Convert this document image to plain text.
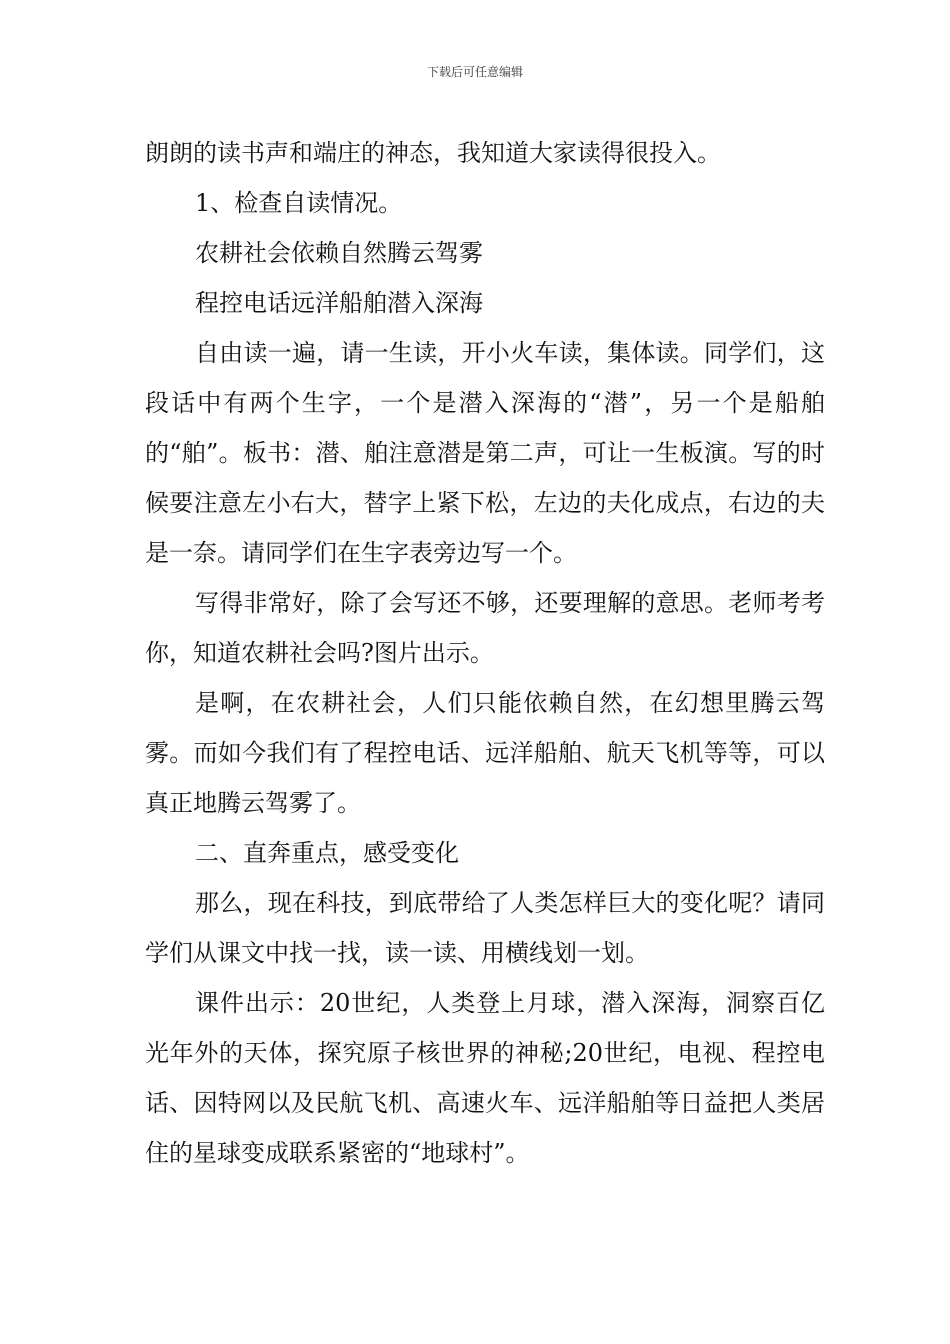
下载后可任意编辑

朗朗的读书声和端庄的神态，我知道大家读得很投入。

1、检查自读情况。

农耕社会依赖自然腾云驾雾

程控电话远洋船舶潜入深海

自由读一遍，请一生读，开小火车读，集体读。同学们，这段话中有两个生字，一个是潜入深海的“潜”，另一个是船舶的“舶”。板书：潜、舶注意潜是第二声，可让一生板演。写的时候要注意左小右大，替字上紧下松，左边的夫化成点，右边的夫是一奈。请同学们在生字表旁边写一个。

写得非常好，除了会写还不够，还要理解的意思。老师考考你，知道农耕社会吗?图片出示。

是啊，在农耕社会，人们只能依赖自然，在幻想里腾云驾雾。而如今我们有了程控电话、远洋船舶、航天飞机等等，可以真正地腾云驾雾了。

二、直奔重点，感受变化

那么，现在科技，到底带给了人类怎样巨大的变化呢？请同学们从课文中找一找，读一读、用横线划一划。

课件出示：20世纪，人类登上月球，潜入深海，洞察百亿光年外的天体，探究原子核世界的神秘;20世纪，电视、程控电话、因特网以及民航飞机、高速火车、远洋船舶等日益把人类居住的星球变成联系紧密的“地球村”。
